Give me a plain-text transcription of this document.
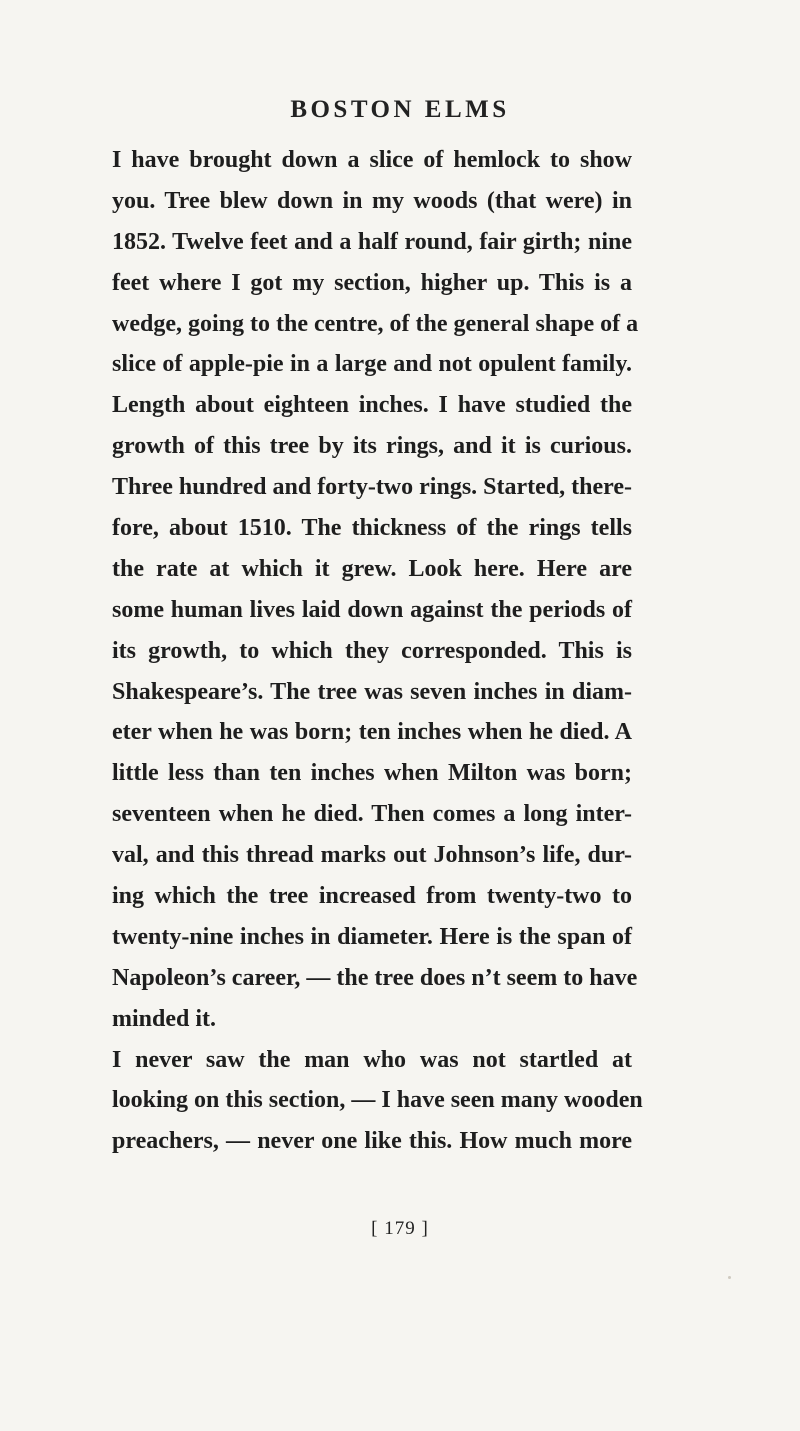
BOSTON ELMS
I have brought down a slice of hemlock to show
you. Tree blew down in my woods (that were) in
1852. Twelve feet and a half round, fair girth; nine
feet where I got my section, higher up. This is a
wedge, going to the centre, of the general shape of a
slice of apple-pie in a large and not opulent family.
Length about eighteen inches. I have studied the
growth of this tree by its rings, and it is curious.
Three hundred and forty-two rings. Started, there-
fore, about 1510. The thickness of the rings tells
the rate at which it grew. Look here. Here are
some human lives laid down against the periods of
its growth, to which they corresponded. This is
Shakespeare’s. The tree was seven inches in diam-
eter when he was born; ten inches when he died. A
little less than ten inches when Milton was born;
seventeen when he died. Then comes a long inter-
val, and this thread marks out Johnson’s life, dur-
ing which the tree increased from twenty-two to
twenty-nine inches in diameter. Here is the span of
Napoleon’s career, — the tree does n’t seem to have
minded it.
I never saw the man who was not startled at
looking on this section, — I have seen many wooden
preachers, — never one like this. How much more
[ 179 ]
